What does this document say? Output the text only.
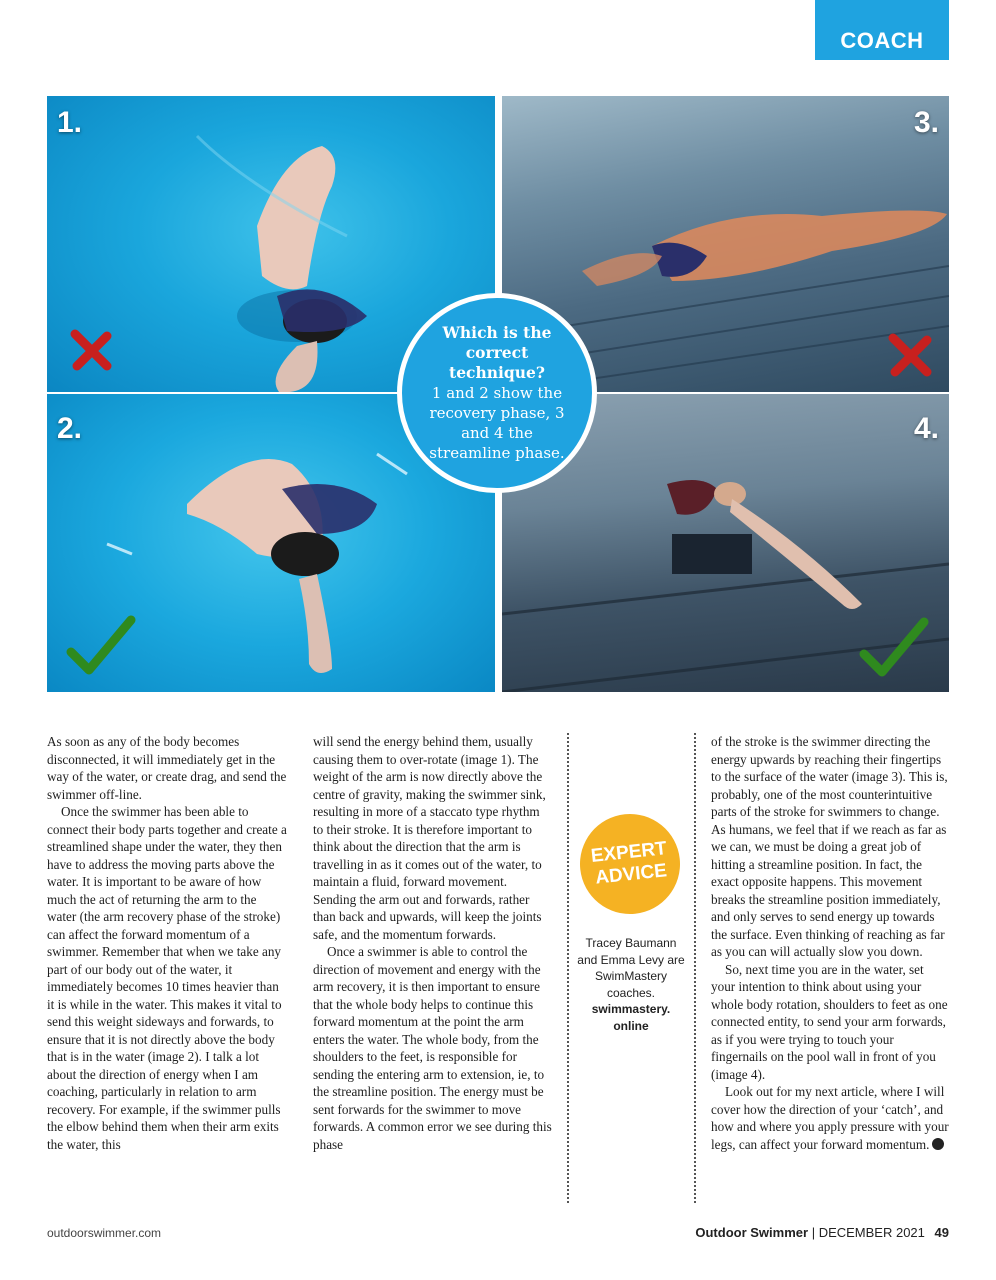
COACH
1.
2.
3.
4.
Which is the correct technique?
1 and 2 show the recovery phase, 3 and 4 the streamline phase.

As soon as any of the body becomes disconnected, it will immediately get in the way of the water, or create drag, and send the swimmer off-line.

Once the swimmer has been able to connect their body parts together and create a streamlined shape under the water, they then have to address the moving parts above the water. It is important to be aware of how much the act of returning the arm to the water (the arm recovery phase of the stroke) can affect the forward momentum of a swimmer. Remember that when we take any part of our body out of the water, it immediately becomes 10 times heavier than it is while in the water. This makes it vital to send this weight sideways and forwards, to ensure that it is not directly above the body that is in the water (image 2). I talk a lot about the direction of energy when I am coaching, particularly in relation to arm recovery. For example, if the swimmer pulls the elbow behind them when their arm exits the water, this

will send the energy behind them, usually causing them to over-rotate (image 1). The weight of the arm is now directly above the centre of gravity, making the swimmer sink, resulting in more of a staccato type rhythm to their stroke. It is therefore important to think about the direction that the arm is travelling in as it comes out of the water, to maintain a fluid, forward movement. Sending the arm out and forwards, rather than back and upwards, will keep the joints safe, and the momentum forwards.

Once a swimmer is able to control the direction of movement and energy with the arm recovery, it is then important to ensure that the whole body helps to continue this forward momentum at the point the arm enters the water. The whole body, from the shoulders to the feet, is responsible for sending the entering arm to extension, ie, to the streamline position. The energy must be sent forwards for the swimmer to move forwards. A common error we see during this phase

of the stroke is the swimmer directing the energy upwards by reaching their fingertips to the surface of the water (image 3). This is, probably, one of the most counterintuitive parts of the stroke for swimmers to change. As humans, we feel that if we reach as far as we can, we must be doing a great job of hitting a streamline position. In fact, the exact opposite happens. This movement breaks the streamline position immediately, and only serves to send energy up towards the surface. Even thinking of reaching as far as you can will actually slow you down.

So, next time you are in the water, set your intention to think about using your whole body rotation, shoulders to feet as one connected entity, to send your arm forwards, as if you were trying to touch your fingernails on the pool wall in front of you (image 4).

Look out for my next article, where I will cover how the direction of your ‘catch’, and how and where you apply pressure with your legs, can affect your forward momentum.

EXPERT
ADVICE
Tracey Baumann and Emma Levy are SwimMastery coaches.
swimmastery. online
outdoorswimmer.com	Outdoor Swimmer | DECEMBER 2021 49
